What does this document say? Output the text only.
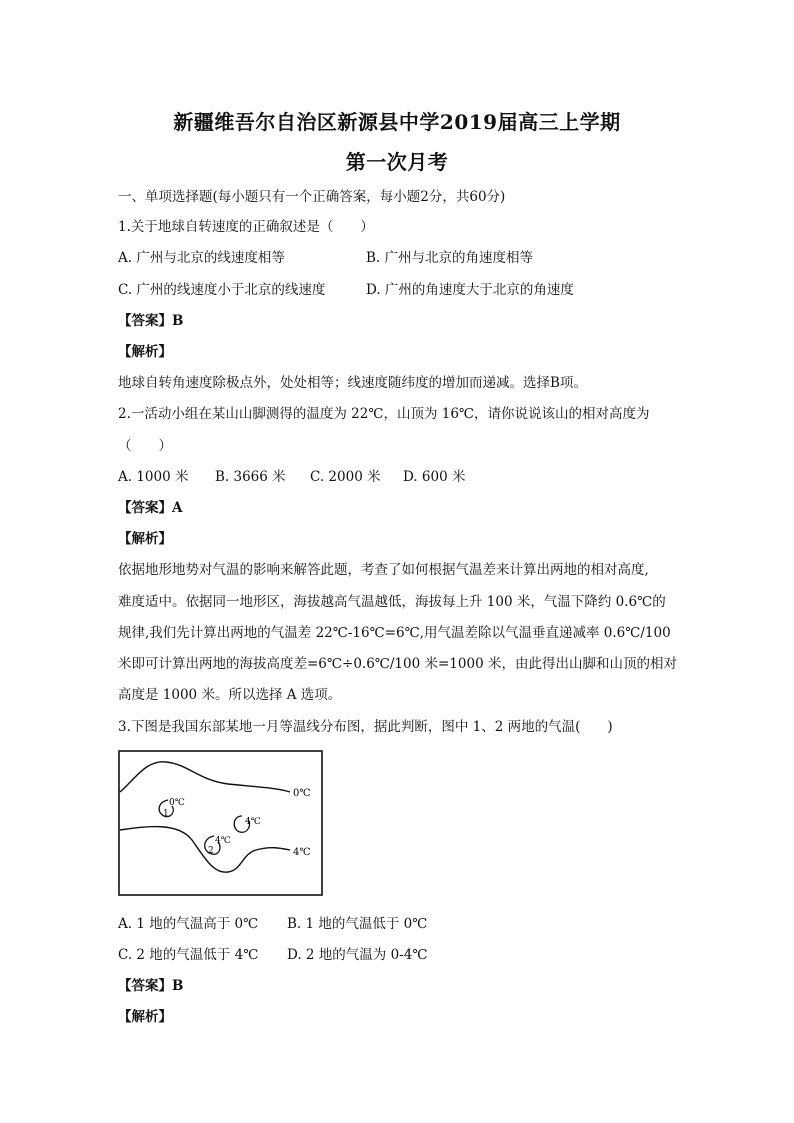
新疆维吾尔自治区新源县中学2019届高三上学期
第一次月考
一、单项选择题(每小题只有一个正确答案，每小题2分，共60分)
1.关于地球自转速度的正确叙述是（　　）
A. 广州与北京的线速度相等	B. 广州与北京的角速度相等
C. 广州的线速度小于北京的线速度	D. 广州的角速度大于北京的角速度
【答案】B
【解析】
地球自转角速度除极点外，处处相等；线速度随纬度的增加而递减。选择B项。
2.一活动小组在某山山脚测得的温度为 22℃，山顶为 16℃，请你说说该山的相对高度为
（　　）
A. 1000 米 B. 3666 米 C. 2000 米 D. 600 米
【答案】A
【解析】
依据地形地势对气温的影响来解答此题，考查了如何根据气温差来计算出两地的相对高度,
难度适中。依据同一地形区，海拔越高气温越低，海拔每上升 100 米，气温下降约 0.6℃的
规律,我们先计算出两地的气温差 22℃-16℃=6℃,用气温差除以气温垂直递减率 0.6℃/100
米即可计算出两地的海拔高度差=6℃÷0.6℃/100 米=1000 米，由此得出山脚和山顶的相对
高度是 1000 米。所以选择 A 选项。
3.下图是我国东部某地一月等温线分布图，据此判断，图中 1、2 两地的气温(　　)
0℃
4℃
0℃
1
4℃
4℃
2
A. 1 地的气温高于 0℃ B. 1 地的气温低于 0℃
C. 2 地的气温低于 4℃ D. 2 地的气温为 0-4℃
【答案】B
【解析】
